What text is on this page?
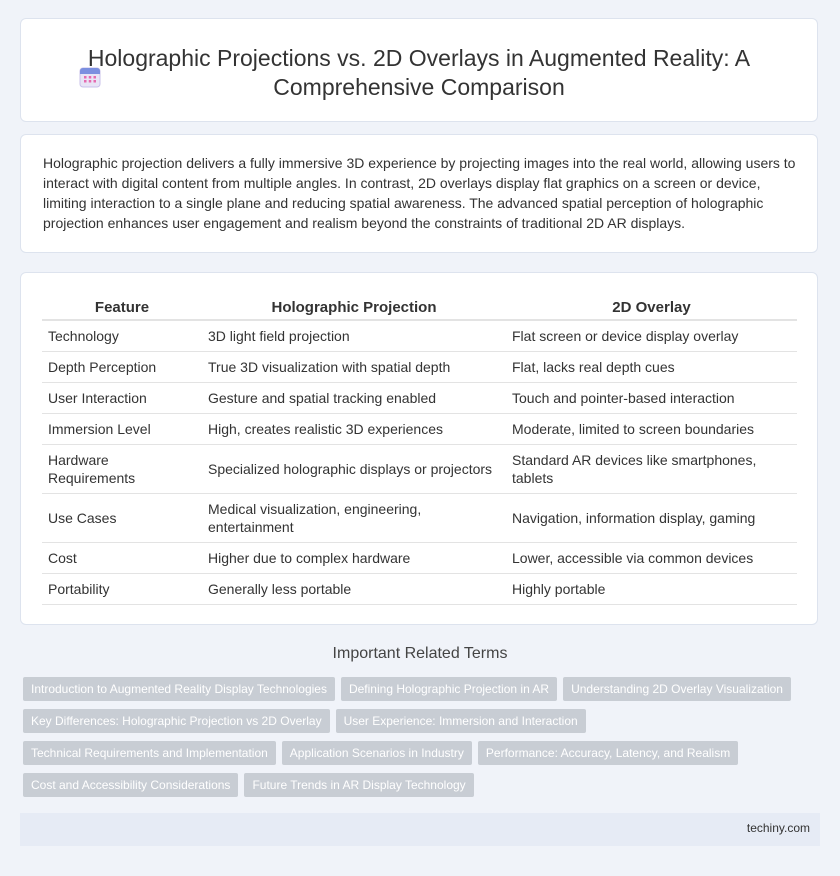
Holographic Projections vs. 2D Overlays in Augmented Reality: A Comprehensive Comparison

Holographic projection delivers a fully immersive 3D experience by projecting images into the real world, allowing users to interact with digital content from multiple angles. In contrast, 2D overlays display flat graphics on a screen or device, limiting interaction to a single plane and reducing spatial awareness. The advanced spatial perception of holographic projection enhances user engagement and realism beyond the constraints of traditional 2D AR displays.

Feature	Holographic Projection	2D Overlay
Technology	3D light field projection	Flat screen or device display overlay
Depth Perception	True 3D visualization with spatial depth	Flat, lacks real depth cues
User Interaction	Gesture and spatial tracking enabled	Touch and pointer-based interaction
Immersion Level	High, creates realistic 3D experiences	Moderate, limited to screen boundaries
Hardware Requirements	Specialized holographic displays or projectors	Standard AR devices like smartphones, tablets
Use Cases	Medical visualization, engineering, entertainment	Navigation, information display, gaming
Cost	Higher due to complex hardware	Lower, accessible via common devices
Portability	Generally less portable	Highly portable
Important Related Terms
Introduction to Augmented Reality Display Technologies Defining Holographic Projection in AR Understanding 2D Overlay Visualization
Key Differences: Holographic Projection vs 2D Overlay User Experience: Immersion and Interaction
Technical Requirements and Implementation Application Scenarios in Industry Performance: Accuracy, Latency, and Realism
Cost and Accessibility Considerations Future Trends in AR Display Technology
techiny.com
